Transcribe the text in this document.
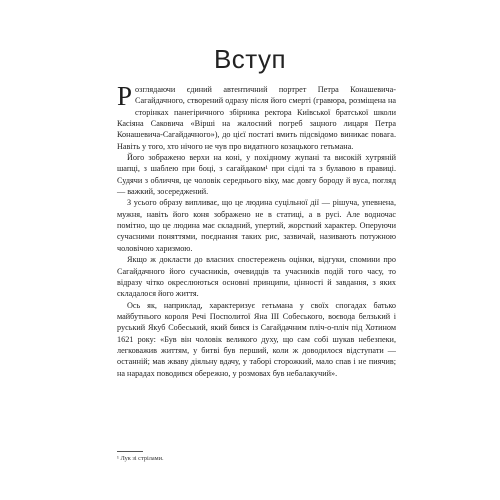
Вступ

Розглядаючи єдиний автентичний портрет Петра Конашевича-Сагайдачного, створений одразу після його смерті (гравюра, розміщена на сторінках панегіричного збірника ректора Київської братської школи Касіяна Саковича «Вірші на жалосний погреб зацного лицаря Петра Конашевича-Сагайдачного»), до цієї постаті вмить підсвідомо виникає повага. Навіть у того, хто нічого не чув про видатного козацького гетьмана.

Його зображено верхи на коні, у похідному жупані та високій хутряній шапці, з шаблею при боці, з сагайдаком¹ при сідлі та з булавою в правиці. Судячи з обличчя, це чоловік середнього віку, має довгу бороду й вуса, погляд — важкий, зосереджений.

З усього образу випливає, що це людина суцільної дії — рішуча, упевнена, мужня, навіть його коня зображено не в статиці, а в русі. Але водночас помітно, що це людина має складний, упертий, жорсткий характер. Оперуючи сучасними поняттями, поєднання таких рис, зазвичай, називають потужною чоловічою харизмою.

Якщо ж докласти до власних спостережень оцінки, відгуки, спомини про Сагайдачного його сучасників, очевидців та учасників подій того часу, то відразу чітко окреслюються основні принципи, цінності й завдання, з яких складалося його життя.

Ось як, наприклад, характеризує гетьмана у своїх спогадах батько майбутнього короля Речі Посполитої Яна III Собеського, воєвода белзький і руський Якуб Собеський, який бився із Сагайдачним пліч-о-пліч під Хотином 1621 року: «Був він чоловік великого духу, що сам собі шукав небезпеки, легковажив життям, у битві був перший, коли ж доводилося відступати — останній; мав жваву діяльну вдачу, у таборі сторожкий, мало спав і не пиячив; на нарадах поводився обережно, у розмовах був небалакучий».

¹ Лук зі стрілами.
